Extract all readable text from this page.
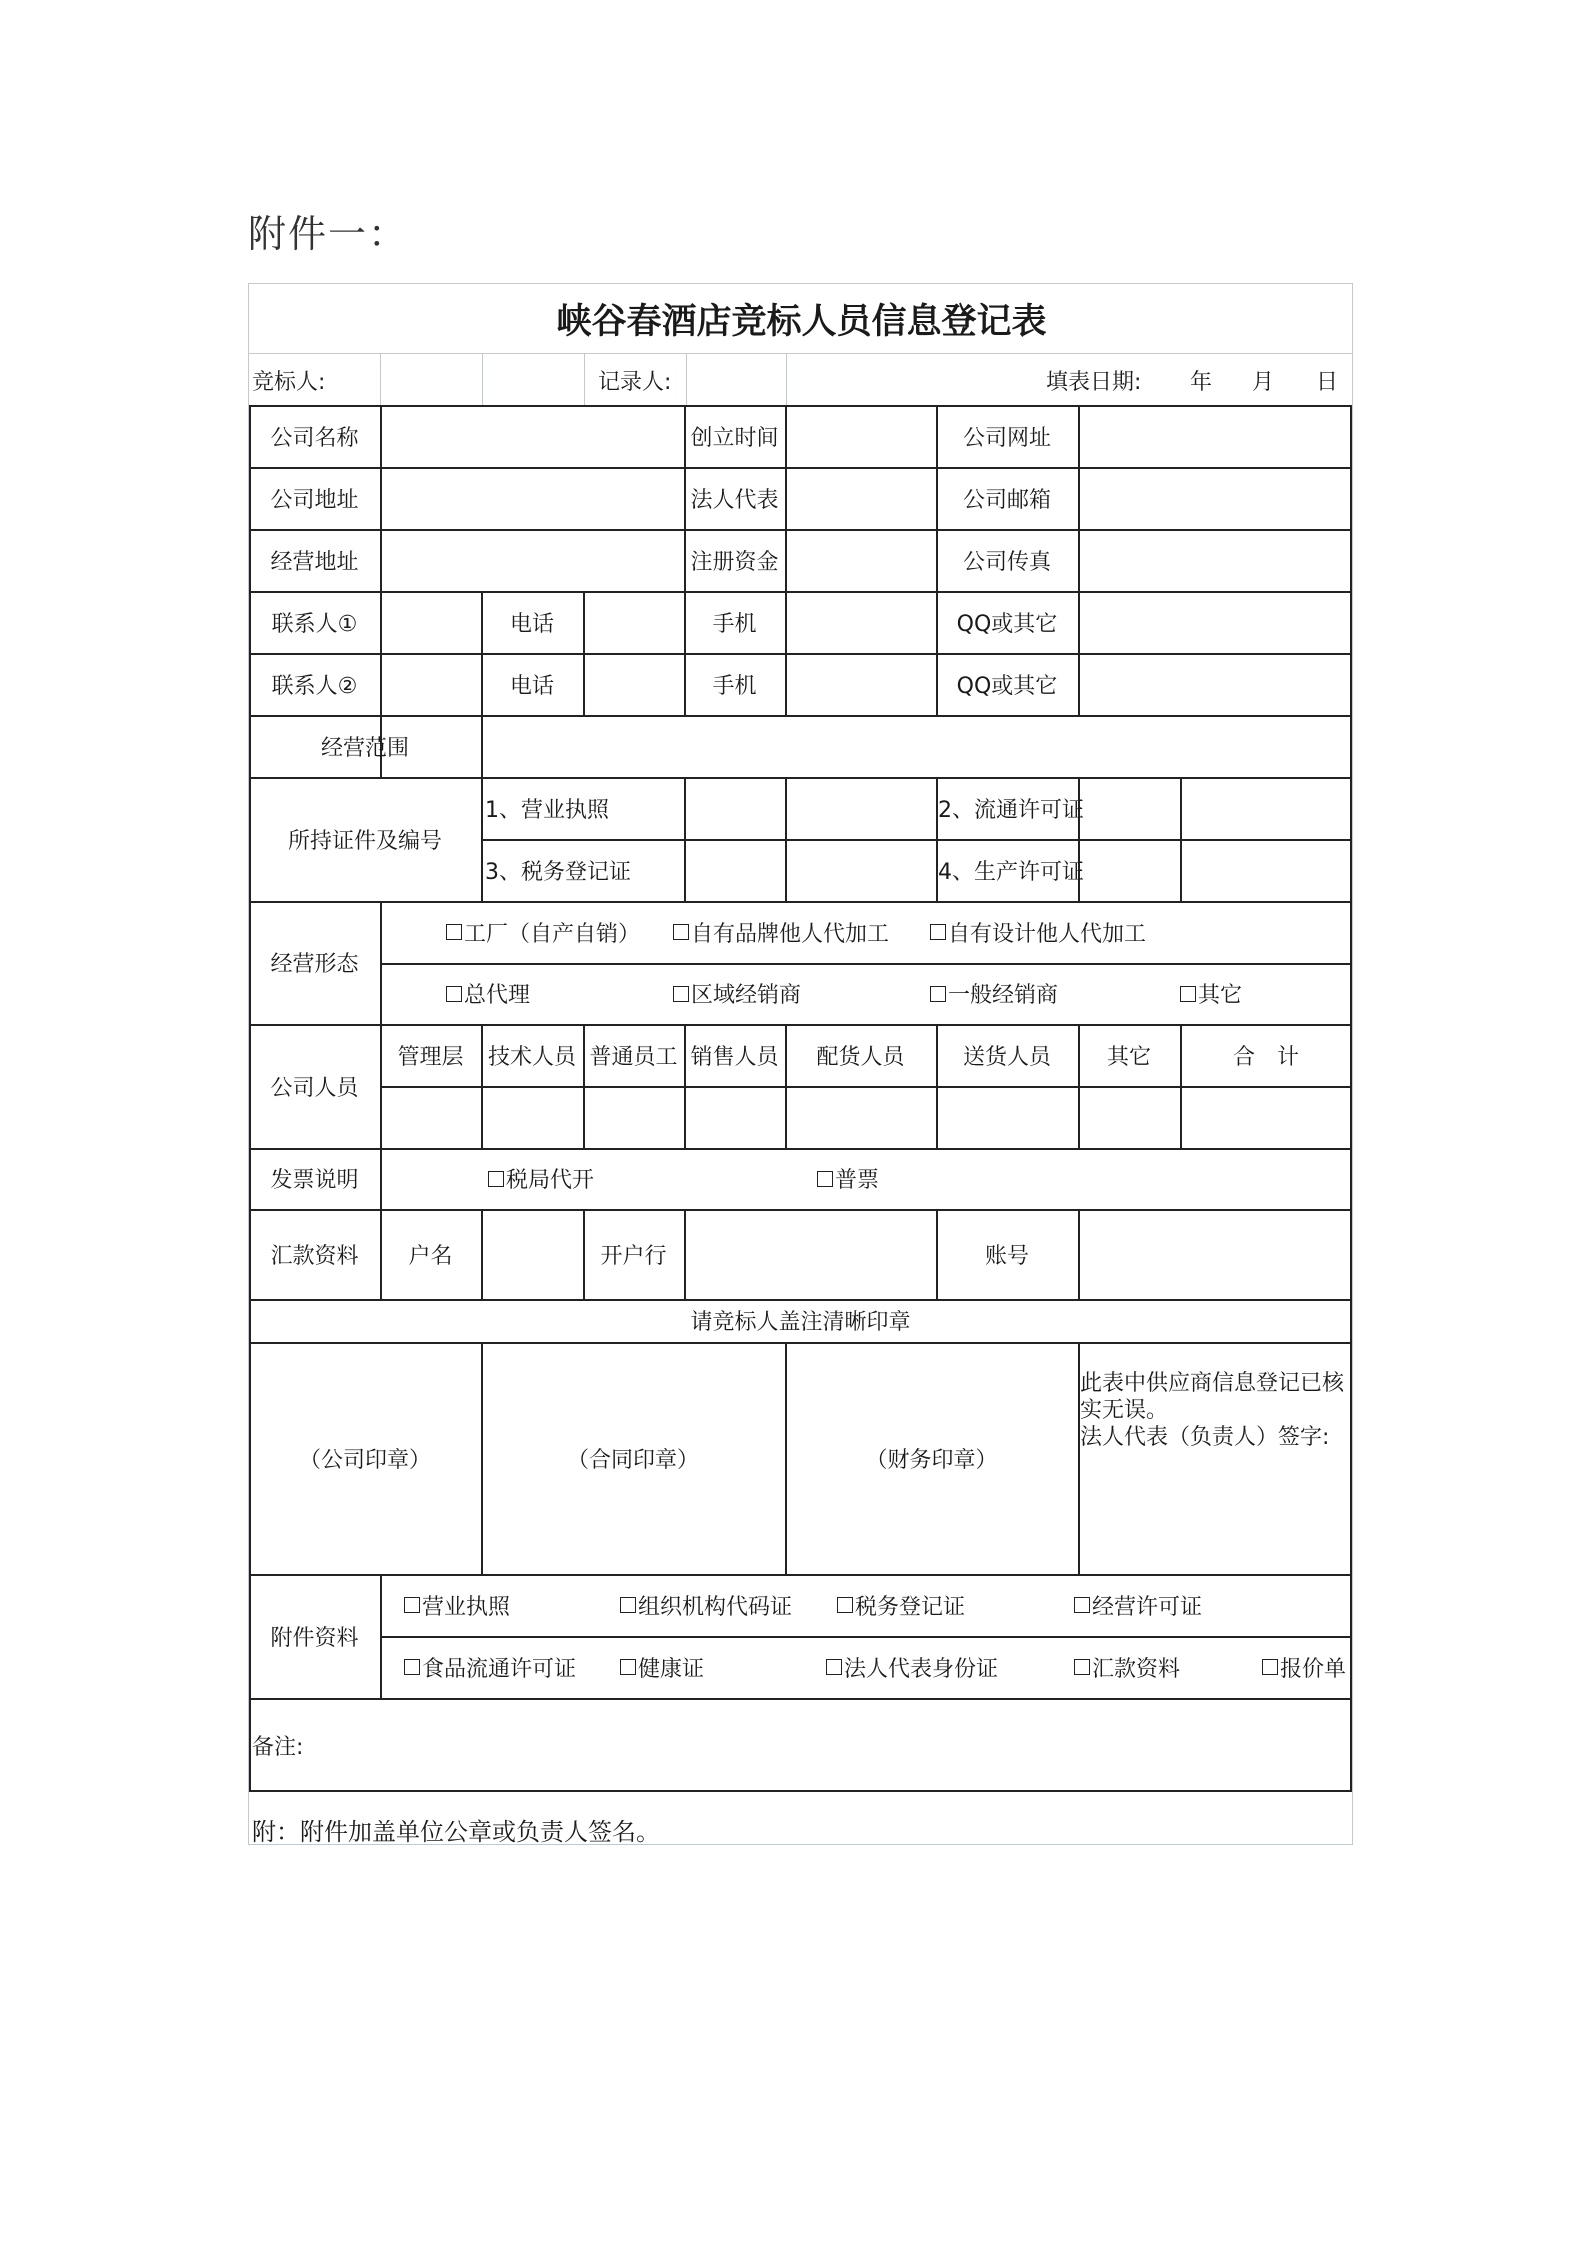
附件一：
峡谷春酒店竞标人员信息登记表
竞标人:	记录人:	填表日期: 年 月 日
公司名称	创立时间	公司网址
公司地址	法人代表	公司邮箱
经营地址	注册资金	公司传真
联系人①	电话	手机	QQ或其它
联系人②	电话	手机	QQ或其它
经营范围
所持证件及编号
1、营业执照	2、流通许可证
3、税务登记证	4、生产许可证
经营形态
工厂（自产自销） 自有品牌他人代加工	自有设计他人代加工
总代理	区域经销商	一般经销商	其它
公司人员
管理层	技术人员 普通员工 销售人员	配货人员	送货人员	其它	合　计
发票说明	税局代开	普票
汇款资料	户名	开户行	账号
请竞标人盖注清晰印章
（公司印章）	（合同印章）	（财务印章）
此表中供应商信息登记已核实无误。
法人代表（负责人）签字:
附件资料
营业执照	组织机构代码证	税务登记证	经营许可证
食品流通许可证	健康证	法人代表身份证	汇款资料	报价单
备注:
附：附件加盖单位公章或负责人签名。
